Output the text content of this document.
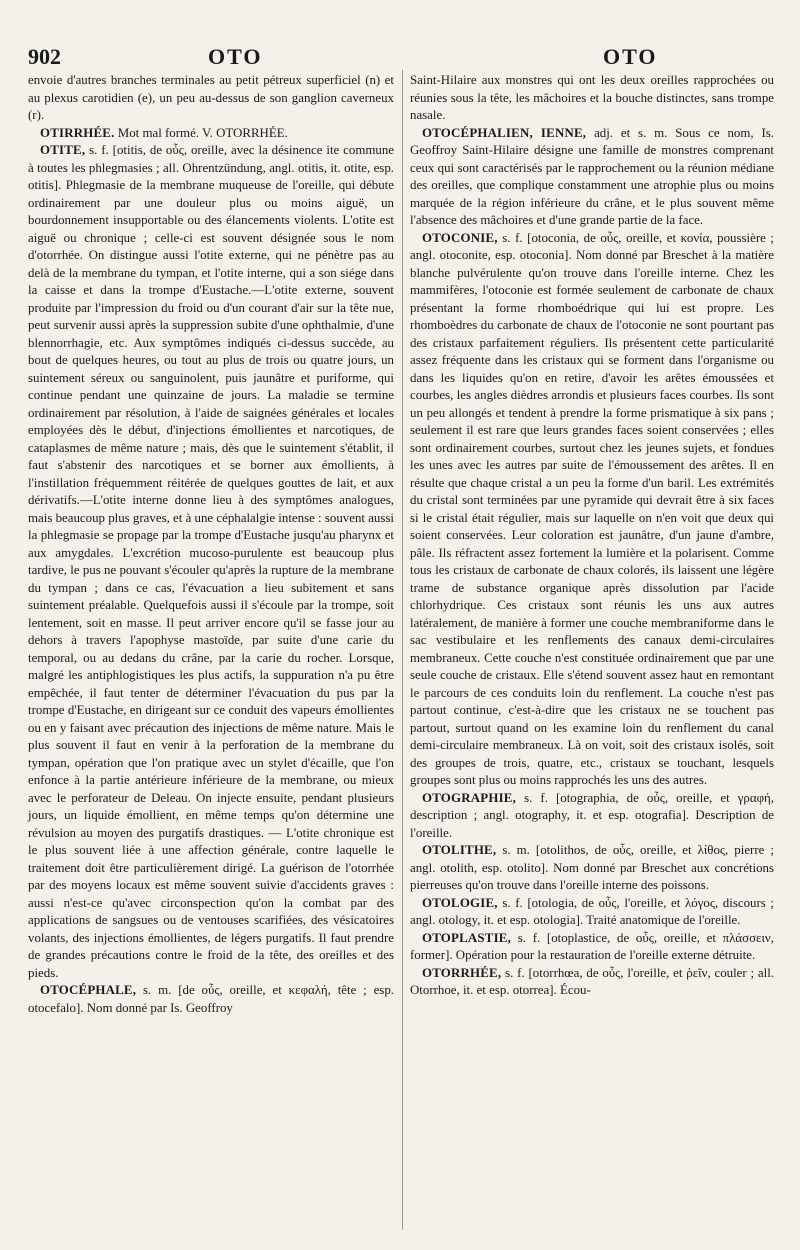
902	OTO	OTO

envoie d'autres branches terminales au petit pétreux superficiel (n) et au plexus carotidien (e), un peu au-dessus de son ganglion caverneux (r).

OTIRRHÉE. Mot mal formé. V. OTORRHÉE.

OTITE, s. f. [otitis, de οὖς, oreille, avec la désinence ite commune à toutes les phlegmasies ; all. Ohrentzündung, angl. otitis, it. otite, esp. otitis]. Phlegmasie de la membrane muqueuse de l'oreille, qui débute ordinairement par une douleur plus ou moins aiguë, un bourdonnement insupportable ou des élancements violents. L'otite est aiguë ou chronique ; celle-ci est souvent désignée sous le nom d'otorrhée. On distingue aussi l'otite externe, qui ne pénètre pas au delà de la membrane du tympan, et l'otite interne, qui a son siége dans la caisse et dans la trompe d'Eustache.—L'otite externe, souvent produite par l'impression du froid ou d'un courant d'air sur la tête nue, peut survenir aussi après la suppression subite d'une ophthalmie, d'une blennorrhagie, etc. Aux symptômes indiqués ci-dessus succède, au bout de quelques heures, ou tout au plus de trois ou quatre jours, un suintement séreux ou sanguinolent, puis jaunâtre et puriforme, qui continue pendant une quinzaine de jours. La maladie se termine ordinairement par résolution, à l'aide de saignées générales et locales employées dès le début, d'injections émollientes et narcotiques, de cataplasmes de même nature ; mais, dès que le suintement s'établit, il faut s'abstenir des narcotiques et se borner aux émollients, à l'instillation fréquemment réitérée de quelques gouttes de lait, et aux dérivatifs.—L'otite interne donne lieu à des symptômes analogues, mais beaucoup plus graves, et à une céphalalgie intense : souvent aussi la phlegmasie se propage par la trompe d'Eustache jusqu'au pharynx et aux amygdales. L'excrétion mucoso-purulente est beaucoup plus tardive, le pus ne pouvant s'écouler qu'après la rupture de la membrane du tympan ; dans ce cas, l'évacuation a lieu subitement et sans suintement préalable. Quelquefois aussi il s'écoule par la trompe, soit lentement, soit en masse. Il peut arriver encore qu'il se fasse jour au dehors à travers l'apophyse mastoïde, par suite d'une carie du temporal, ou au dedans du crâne, par la carie du rocher. Lorsque, malgré les antiphlogistiques les plus actifs, la suppuration n'a pu être empêchée, il faut tenter de déterminer l'évacuation du pus par la trompe d'Eustache, en dirigeant sur ce conduit des vapeurs émollientes ou en y faisant avec précaution des injections de même nature. Mais le plus souvent il faut en venir à la perforation de la membrane du tympan, opération que l'on pratique avec un stylet d'écaille, que l'on enfonce à la partie antérieure inférieure de la membrane, ou mieux avec le perforateur de Deleau. On injecte ensuite, pendant plusieurs jours, un liquide émollient, en même temps qu'on détermine une révulsion au moyen des purgatifs drastiques. — L'otite chronique est le plus souvent liée à une affection générale, contre laquelle le traitement doit être particulièrement dirigé. La guérison de l'otorrhée par des moyens locaux est même souvent suivie d'accidents graves : aussi n'est-ce qu'avec circonspection qu'on la combat par des applications de sangsues ou de ventouses scarifiées, des vésicatoires volants, des injections émollientes, de légers purgatifs. Il faut prendre de grandes précautions contre le froid de la tête, des oreilles et des pieds.

OTOCÉPHALE, s. m. [de οὖς, oreille, et κεφαλή, tête ; esp. otocefalo]. Nom donné par Is. Geoffroy

Saint-Hilaire aux monstres qui ont les deux oreilles rapprochées ou réunies sous la tête, les mâchoires et la bouche distinctes, sans trompe nasale.

OTOCÉPHALIEN, IENNE, adj. et s. m. Sous ce nom, Is. Geoffroy Saint-Hilaire désigne une famille de monstres comprenant ceux qui sont caractérisés par le rapprochement ou la réunion médiane des oreilles, que complique constamment une atrophie plus ou moins marquée de la région inférieure du crâne, et le plus souvent même l'absence des mâchoires et d'une grande partie de la face.

OTOCONIE, s. f. [otoconia, de οὖς, oreille, et κονία, poussière ; angl. otoconite, esp. otoconia]. Nom donné par Breschet à la matière blanche pulvérulente qu'on trouve dans l'oreille interne. Chez les mammifères, l'otoconie est formée seulement de carbonate de chaux présentant la forme rhomboédrique qui lui est propre. Les rhomboèdres du carbonate de chaux de l'otoconie ne sont pourtant pas des cristaux parfaitement réguliers. Ils présentent cette particularité assez fréquente dans les cristaux qui se forment dans l'organisme ou dans les liquides qu'on en retire, d'avoir les arêtes émoussées et courbes, les angles dièdres arrondis et plusieurs faces courbes. Ils sont un peu allongés et tendent à prendre la forme prismatique à six pans ; seulement il est rare que leurs grandes faces soient conservées ; elles sont ordinairement courbes, surtout chez les jeunes sujets, et fondues les unes avec les autres par suite de l'émoussement des arêtes. Il en résulte que chaque cristal a un peu la forme d'un baril. Les extrémités du cristal sont terminées par une pyramide qui devrait être à six faces si le cristal était régulier, mais sur laquelle on n'en voit que deux qui soient conservées. Leur coloration est jaunâtre, d'un jaune d'ambre, pâle. Ils réfractent assez fortement la lumière et la polarisent. Comme tous les cristaux de carbonate de chaux colorés, ils laissent une légère trame de substance organique après dissolution par l'acide chlorhydrique. Ces cristaux sont réunis les uns aux autres latéralement, de manière à former une couche membraniforme dans le sac vestibulaire et les renflements des canaux demi-circulaires membraneux. Cette couche n'est constituée ordinairement que par une seule couche de cristaux. Elle s'étend souvent assez haut en remontant le parcours de ces conduits loin du renflement. La couche n'est pas partout continue, c'est-à-dire que les cristaux ne se touchent pas partout, surtout quand on les examine loin du renflement du canal demi-circulaire membraneux. Là on voit, soit des cristaux isolés, soit des groupes de trois, quatre, etc., cristaux se touchant, lesquels groupes sont plus ou moins rapprochés les uns des autres.

OTOGRAPHIE, s. f. [otographia, de οὖς, oreille, et γραφή, description ; angl. otography, it. et esp. otografia]. Description de l'oreille.

OTOLITHE, s. m. [otolithos, de οὖς, oreille, et λίθος, pierre ; angl. otolith, esp. otolito]. Nom donné par Breschet aux concrétions pierreuses qu'on trouve dans l'oreille interne des poissons.

OTOLOGIE, s. f. [otologia, de οὖς, l'oreille, et λόγος, discours ; angl. otology, it. et esp. otologia]. Traité anatomique de l'oreille.

OTOPLASTIE, s. f. [otoplastice, de οὖς, oreille, et πλάσσειν, former]. Opération pour la restauration de l'oreille externe détruite.

OTORRHÉE, s. f. [otorrhœa, de οὖς, l'oreille, et ῥεῖν, couler ; all. Otorrhoe, it. et esp. otorrea]. Écou-
